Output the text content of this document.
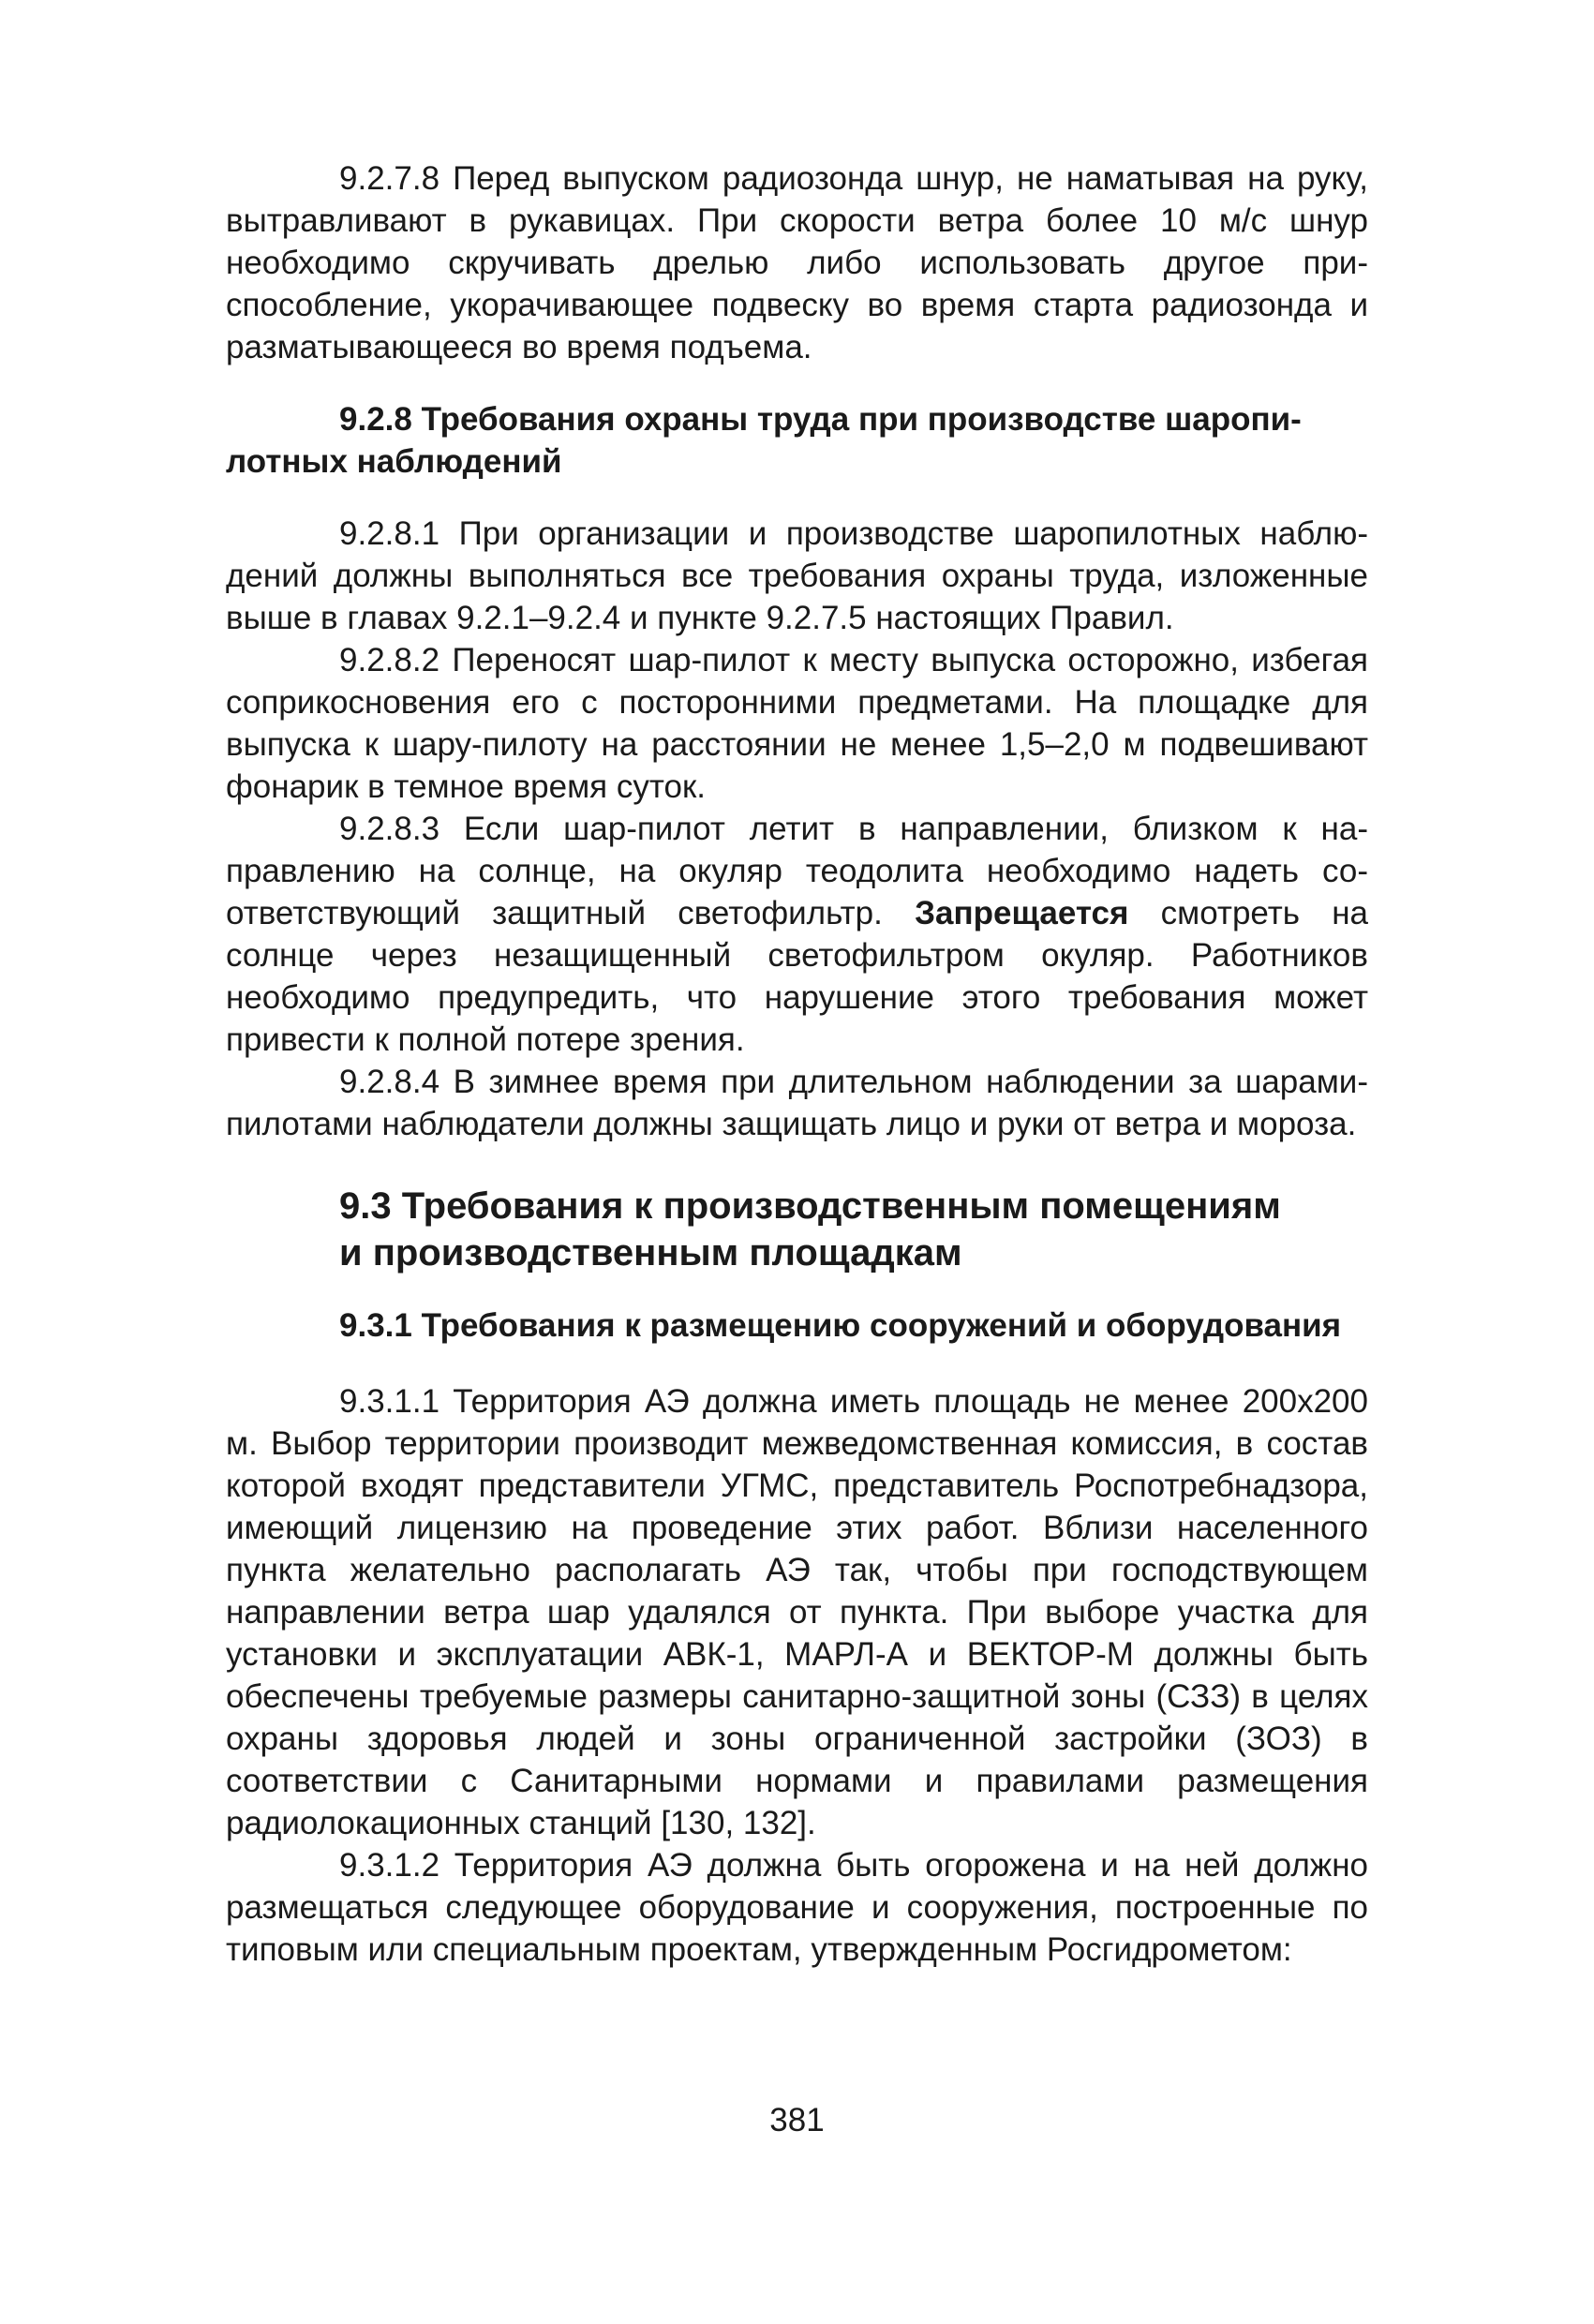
9.2.7.8 Перед выпуском радиозонда шнур, не наматывая на руку, вытравливают в рукавицах. При скорости ветра более 10 м/с шнур необходимо скручивать дрелью либо использовать другое приспособление, укорачивающее подвеску во время старта радиозонда и разматывающееся во время подъема.

9.2.8 Требования охраны труда при производстве шаропилотных наблюдений

9.2.8.1 При организации и производстве шаропилотных наблюдений должны выполняться все требования охраны труда, изложенные выше в главах 9.2.1–9.2.4 и пункте 9.2.7.5 настоящих Правил.

9.2.8.2 Переносят шар-пилот к месту выпуска осторожно, избегая соприкосновения его с посторонними предметами. На площадке для выпуска к шару-пилоту на расстоянии не менее 1,5–2,0 м подвешивают фонарик в темное время суток.

9.2.8.3 Если шар-пилот летит в направлении, близком к направлению на солнце, на окуляр теодолита необходимо надеть соответствующий защитный светофильтр. Запрещается смотреть на солнце через незащищенный светофильтром окуляр. Работников необходимо предупредить, что нарушение этого требования может привести к полной потере зрения.

9.2.8.4 В зимнее время при длительном наблюдении за шарами-пилотами наблюдатели должны защищать лицо и руки от ветра и мороза.

9.3 Требования к производственным помещениям
и производственным площадкам
9.3.1 Требования к размещению сооружений и оборудования

9.3.1.1 Территория АЭ должна иметь площадь не менее 200х200 м. Выбор территории производит межведомственная комиссия, в состав которой входят представители УГМС, представитель Роспотребнадзора, имеющий лицензию на проведение этих работ. Вблизи населенного пункта желательно располагать АЭ так, чтобы при господствующем направлении ветра шар удалялся от пункта. При выборе участка для установки и эксплуатации АВК-1, МАРЛ-А и ВЕКТОР-М должны быть обеспечены требуемые размеры санитарно-защитной зоны (СЗЗ) в целях охраны здоровья людей и зоны ограниченной застройки (ЗОЗ) в соответствии с Санитарными нормами и правилами размещения радиолокационных станций [130, 132].

9.3.1.2 Территория АЭ должна быть огорожена и на ней должно размещаться следующее оборудование и сооружения, построенные по типовым или специальным проектам, утвержденным Росгидрометом:

381
